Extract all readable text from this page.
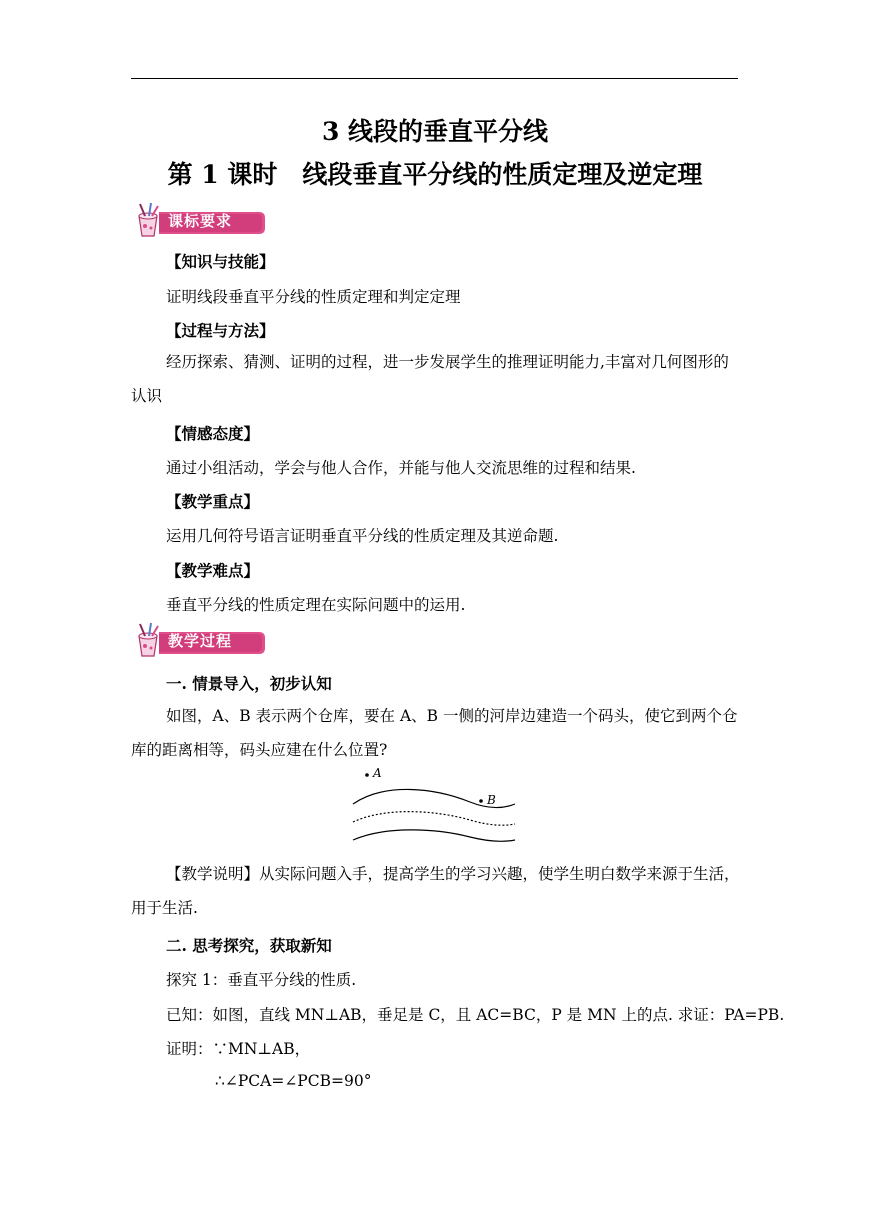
3 线段的垂直平分线
第 1 课时　线段垂直平分线的性质定理及逆定理
课标要求
【知识与技能】
证明线段垂直平分线的性质定理和判定定理
【过程与方法】
经历探索、猜测、证明的过程，进一步发展学生的推理证明能力,丰富对几何图形的认识
【情感态度】
通过小组活动，学会与他人合作，并能与他人交流思维的过程和结果.
【教学重点】
运用几何符号语言证明垂直平分线的性质定理及其逆命题.
【教学难点】
垂直平分线的性质定理在实际问题中的运用.
教学过程
一. 情景导入，初步认知
如图，A、B 表示两个仓库，要在 A、B 一侧的河岸边建造一个码头，使它到两个仓库的距离相等，码头应建在什么位置?
A
B
【教学说明】从实际问题入手，提高学生的学习兴趣，使学生明白数学来源于生活，用于生活.
二. 思考探究，获取新知
探究 1：垂直平分线的性质.
已知：如图，直线 MN⊥AB，垂足是 C，且 AC=BC，P 是 MN 上的点. 求证：PA=PB.
证明：∵MN⊥AB，
∴∠PCA=∠PCB=90°
